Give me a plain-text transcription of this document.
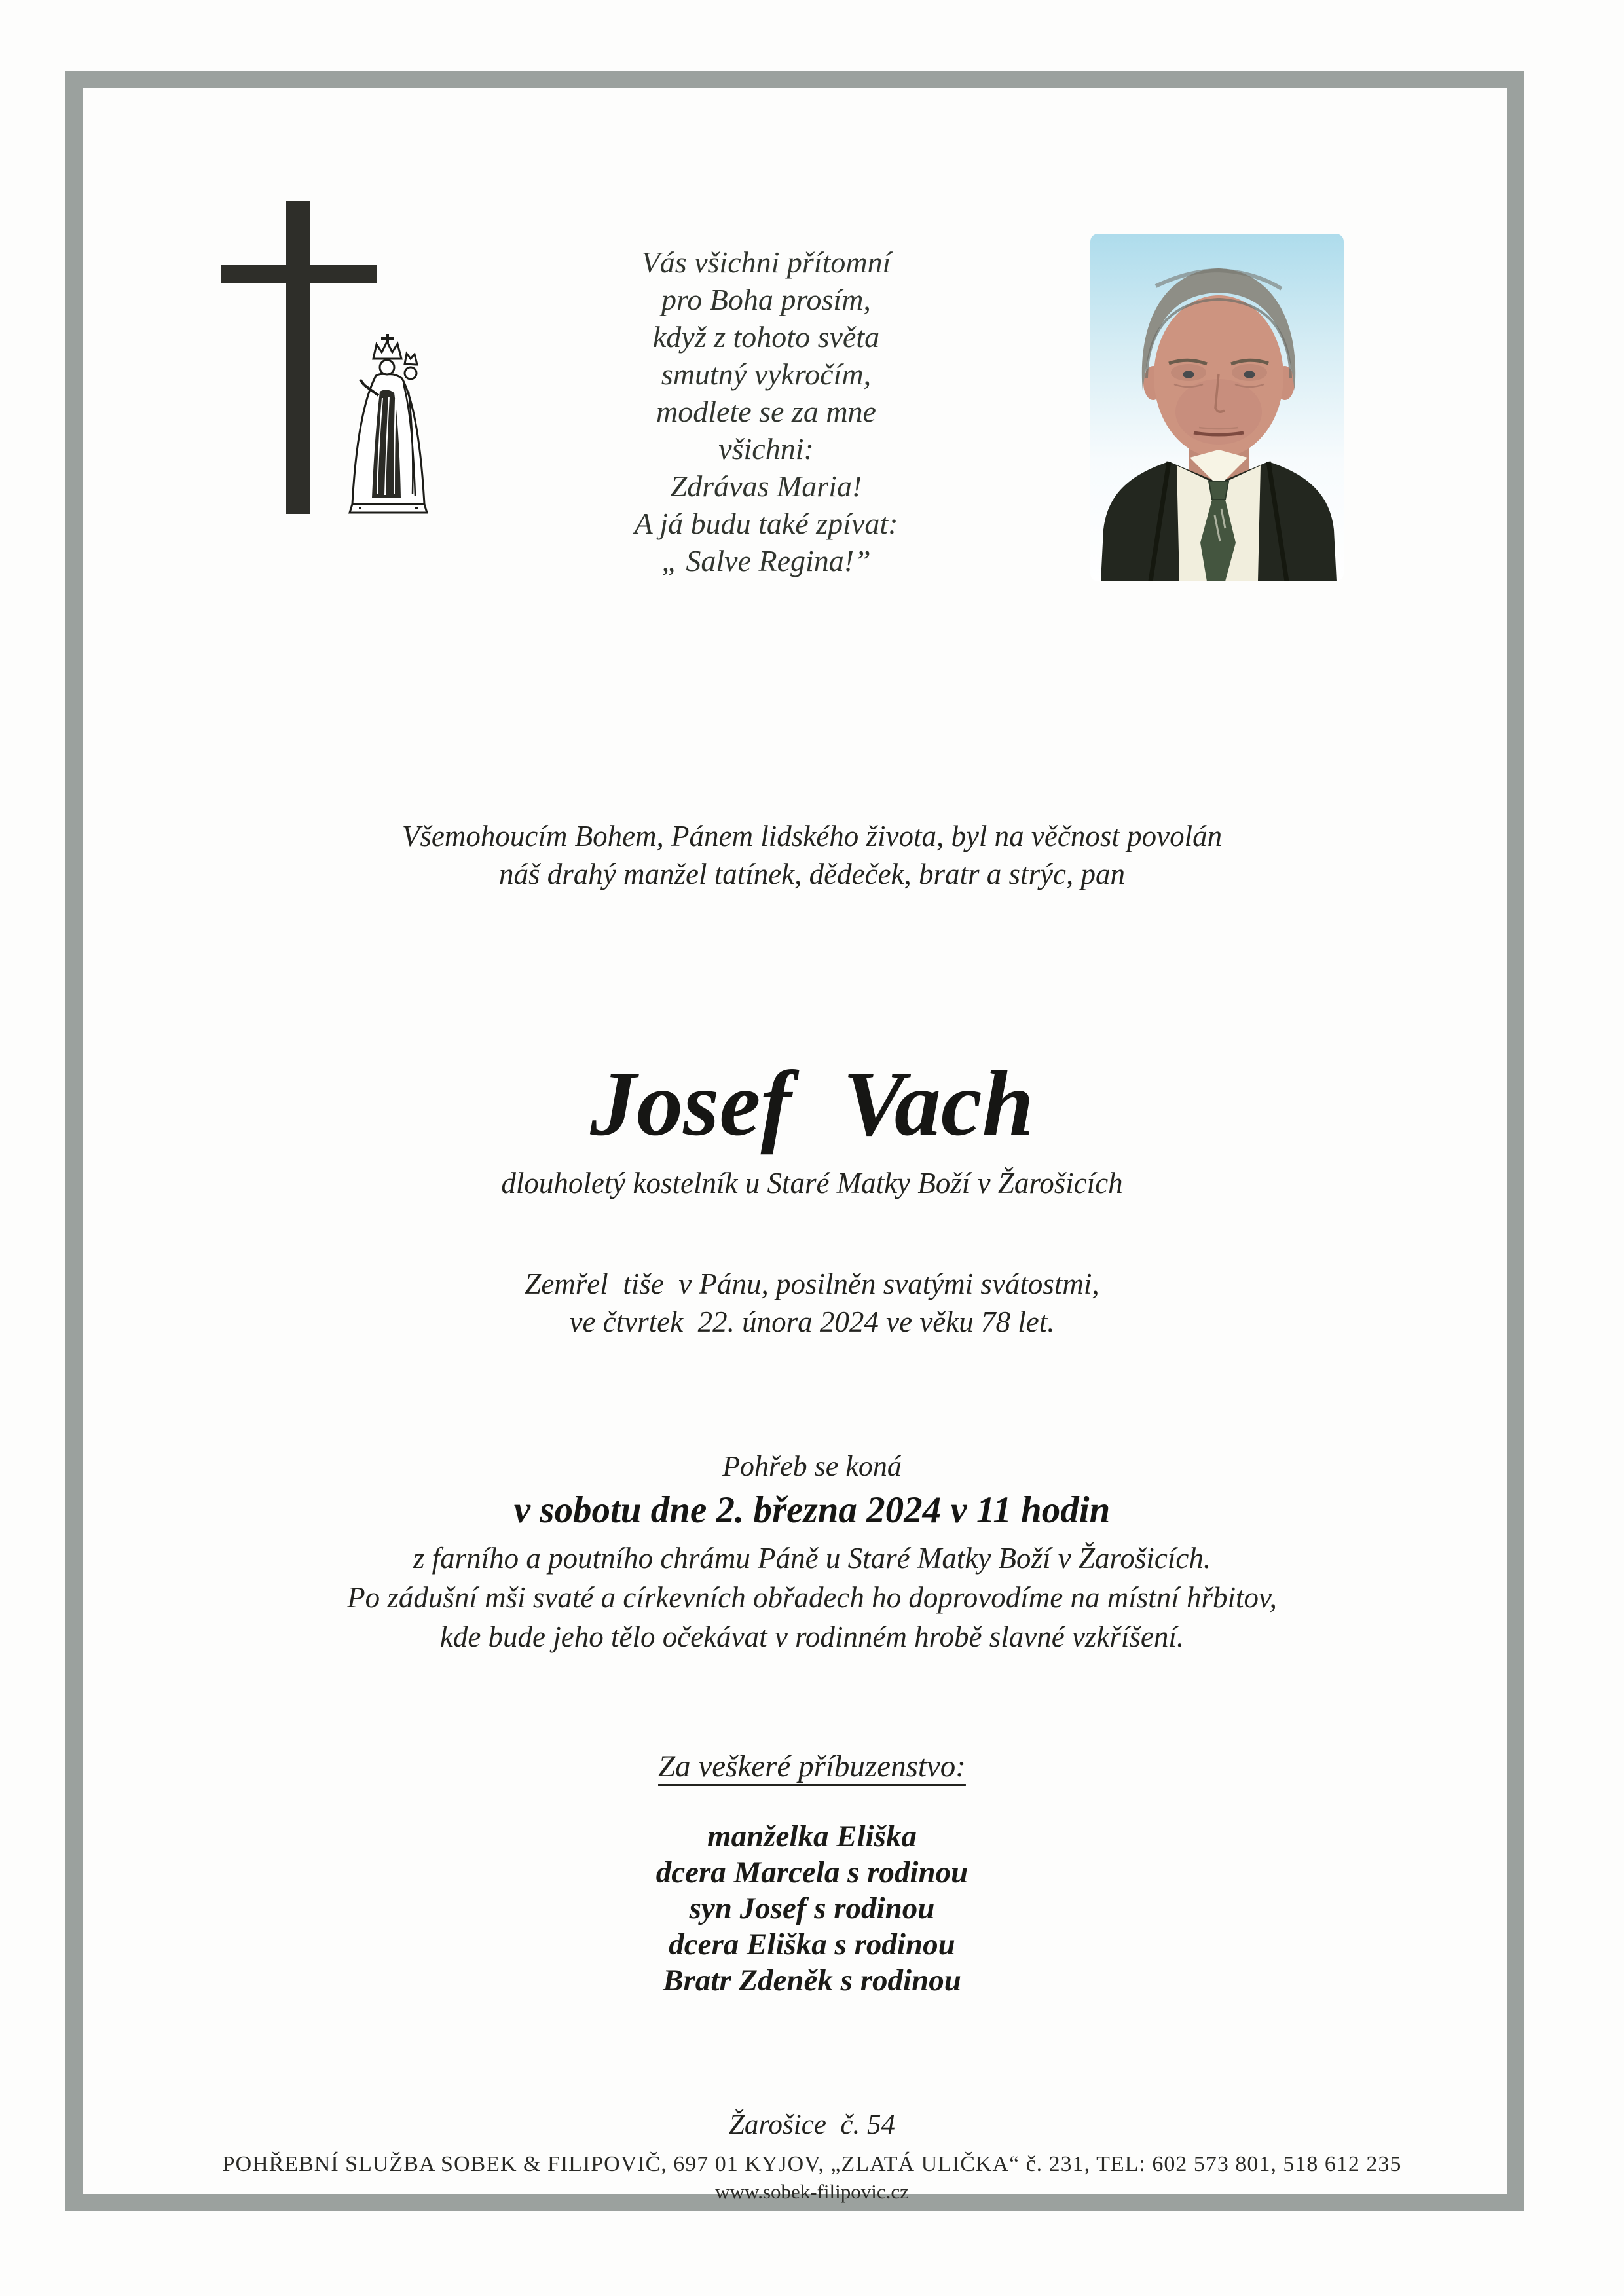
Vás všichni přítomní
pro Boha prosím,
když z tohoto světa
smutný vykročím,
modlete se za mne
všichni:
Zdrávas Maria!
A já budu také zpívat:
„ Salve Regina!”
Všemohoucím Bohem, Pánem lidského života, byl na věčnost povolán
náš drahý manžel tatínek, dědeček, bratr a strýc, pan
Josef Vach
dlouholetý kostelník u Staré Matky Boží v Žarošicích
Zemřel  tiše  v Pánu, posilněn svatými svátostmi,
ve čtvrtek  22. února 2024 ve věku 78 let.
Pohřeb se koná
v sobotu dne 2. března 2024 v 11 hodin
z farního a poutního chrámu Páně u Staré Matky Boží v Žarošicích.
Po zádušní mši svaté a církevních obřadech ho doprovodíme na místní hřbitov,
kde bude jeho tělo očekávat v rodinném hrobě slavné vzkříšení.
Za veškeré příbuzenstvo:
manželka Eliška
dcera Marcela s rodinou
syn Josef s rodinou
dcera Eliška s rodinou
Bratr Zdeněk s rodinou
Žarošice  č. 54
POHŘEBNÍ SLUŽBA SOBEK & FILIPOVIČ, 697 01 KYJOV, „ZLATÁ ULIČKA“ č. 231, TEL: 602 573 801, 518 612 235
www.sobek-filipovic.cz
